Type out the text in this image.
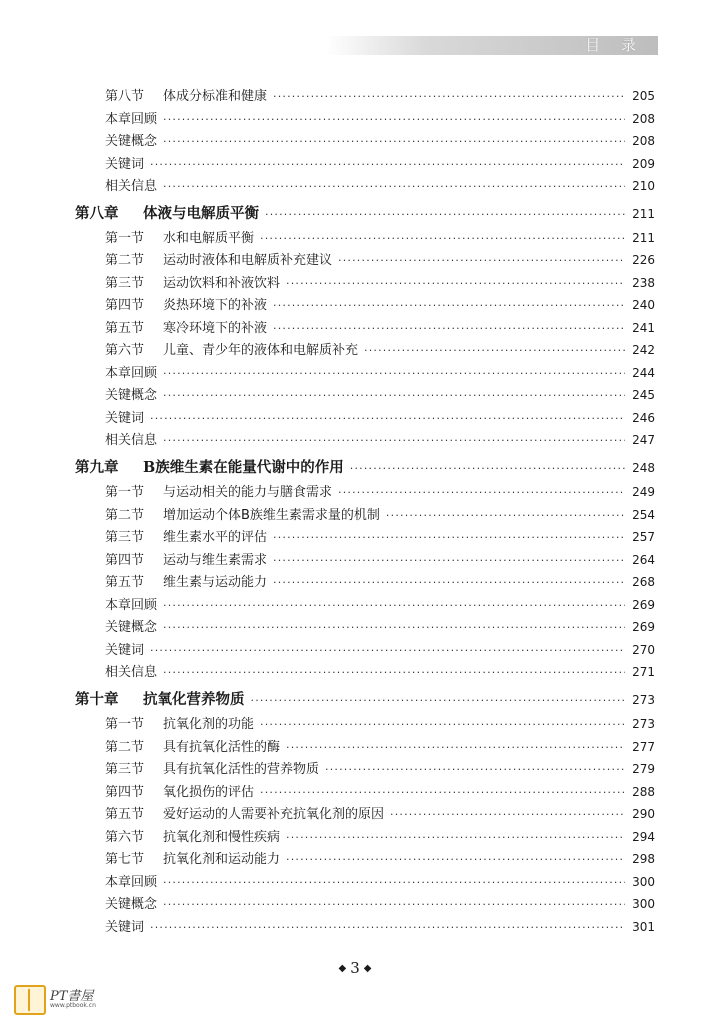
目 录
第八节 体成分标准和健康 ·····	205
本章回顾 ·····	208
关键概念 ·····	208
关键词 ·····	209
相关信息 ·····	210
第八章 体液与电解质平衡 ·····	211
第一节 水和电解质平衡 ·····	211
第二节 运动时液体和电解质补充建议 ·····	226
第三节 运动饮料和补液饮料 ·····	238
第四节 炎热环境下的补液 ·····	240
第五节 寒冷环境下的补液 ·····	241
第六节 儿童、青少年的液体和电解质补充 ·····	242
本章回顾 ·····	244
关键概念 ·····	245
关键词 ·····	246
相关信息 ·····	247
第九章 B族维生素在能量代谢中的作用 ·····	248
第一节 与运动相关的能力与膳食需求 ·····	249
第二节 增加运动个体B族维生素需求量的机制 ·····	254
第三节 维生素水平的评估 ·····	257
第四节 运动与维生素需求 ·····	264
第五节 维生素与运动能力 ·····	268
本章回顾 ·····	269
关键概念 ·····	269
关键词 ·····	270
相关信息 ·····	271
第十章 抗氧化营养物质 ·····	273
第一节 抗氧化剂的功能 ·····	273
第二节 具有抗氧化活性的酶 ·····	277
第三节 具有抗氧化活性的营养物质 ·····	279
第四节 氧化损伤的评估 ·····	288
第五节 爱好运动的人需要补充抗氧化剂的原因 ·····	290
第六节 抗氧化剂和慢性疾病 ·····	294
第七节 抗氧化剂和运动能力 ·····	298
本章回顾 ·····	300
关键概念 ·····	300
关键词 ·····	301
◆ 3 ◆
PT書屋
www.ptbook.cn
